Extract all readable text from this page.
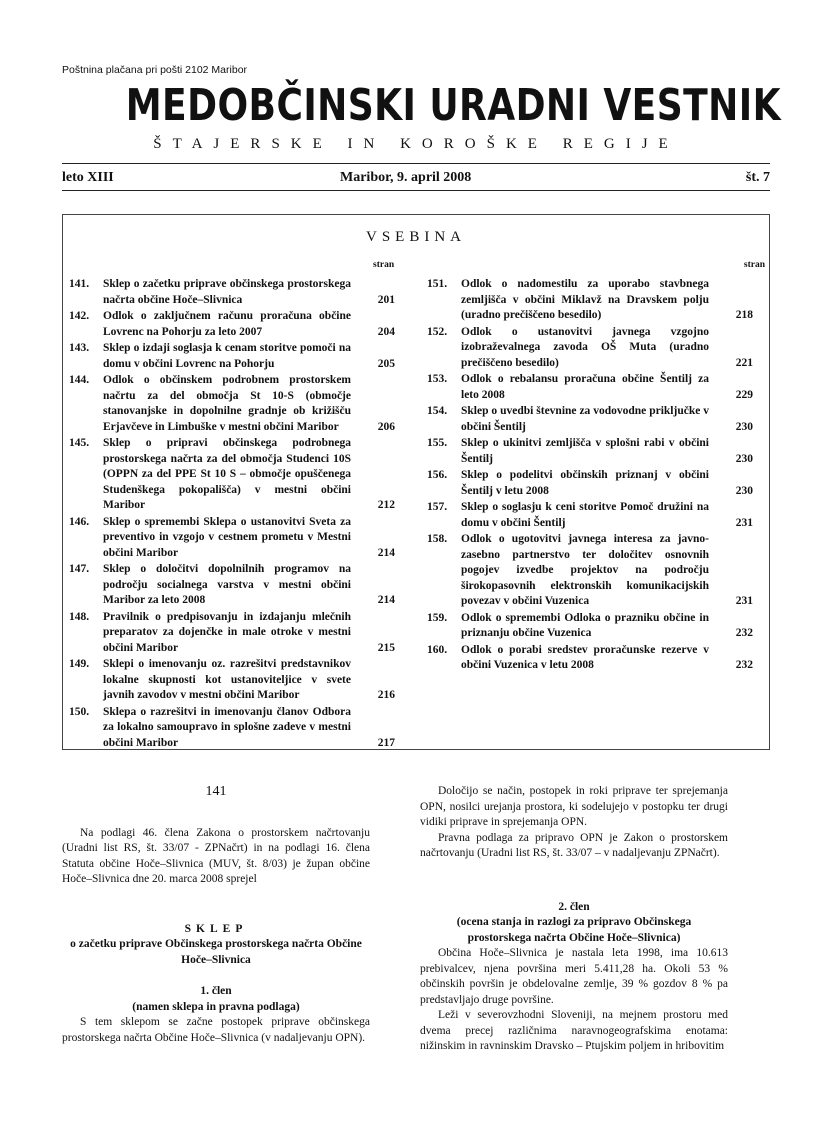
Poštnina plačana pri pošti 2102 Maribor
MEDOBČINSKI URADNI VESTNIK
ŠTAJERSKE IN KOROŠKE REGIJE
leto XIII	Maribor, 9. april 2008	št. 7
VSEBINA
stran	stran
141. Sklep o začetku priprave občinskega prostorskega načrta občine Hoče–Slivnica	201
142. Odlok o zaključnem računu proračuna občine Lovrenc na Pohorju za leto 2007	204
143. Sklep o izdaji soglasja k cenam storitve pomoči na domu v občini Lovrenc na Pohorju	205
144. Odlok o občinskem podrobnem prostorskem načrtu za del območja St 10-S (območje stanovanjske in dopolnilne gradnje ob križišču Erjavčeve in Limbuške v mestni občini Maribor	206
145. Sklep o pripravi občinskega podrobnega prostorskega načrta za del območja Studenci 10S (OPPN za del PPE St 10 S – območje opuščenega Studenškega pokopališča) v mestni občini Maribor	212
146. Sklep o spremembi Sklepa o ustanovitvi Sveta za preventivo in vzgojo v cestnem prometu v Mestni občini Maribor	214
147. Sklep o določitvi dopolnilnih programov na področju socialnega varstva v mestni občini Maribor za leto 2008	214
148. Pravilnik o predpisovanju in izdajanju mlečnih preparatov za dojenčke in male otroke v mestni občini Maribor	215
149. Sklepi o imenovanju oz. razrešitvi predstavnikov lokalne skupnosti kot ustanoviteljice v svete javnih zavodov v mestni občini Maribor	216
150. Sklepa o razrešitvi in imenovanju članov Odbora za lokalno samoupravo in splošne zadeve v mestni občini Maribor	217
151. Odlok o nadomestilu za uporabo stavbnega zemljišča v občini Miklavž na Dravskem polju (uradno prečiščeno besedilo)	218
152. Odlok o ustanovitvi javnega vzgojno izobraževalnega zavoda OŠ Muta (uradno prečiščeno besedilo)	221
153. Odlok o rebalansu proračuna občine Šentilj za leto 2008	229
154. Sklep o uvedbi števnine za vodovodne priključke v občini Šentilj	230
155. Sklep o ukinitvi zemljišča v splošni rabi v občini Šentilj	230
156. Sklep o podelitvi občinskih priznanj v občini Šentilj v letu 2008	230
157. Sklep o soglasju k ceni storitve Pomoč družini na domu v občini Šentilj	231
158. Odlok o ugotovitvi javnega interesa za javno-zasebno partnerstvo ter določitev osnovnih pogojev izvedbe projektov na področju širokopasovnih elektronskih komunikacijskih povezav v občini Vuzenica	231
159. Odlok o spremembi Odloka o prazniku občine in priznanju občine Vuzenica	232
160. Odlok o porabi sredstev proračunske rezerve v občini Vuzenica v letu 2008	232
141

Na podlagi 46. člena Zakona o prostorskem načrtovanju (Uradni list RS, št. 33/07 - ZPNačrt) in na podlagi 16. člena Statuta občine Hoče–Slivnica (MUV, št. 8/03) je župan občine Hoče–Slivnica dne 20. marca 2008 sprejel

SKLEP
o začetku priprave Občinskega prostorskega načrta Občine Hoče–Slivnica
1. člen
(namen sklepa in pravna podlaga)

S tem sklepom se začne postopek priprave občinskega prostorskega načrta Občine Hoče–Slivnica (v nadaljevanju OPN).

Določijo se način, postopek in roki priprave ter sprejemanja OPN, nosilci urejanja prostora, ki sodelujejo v postopku ter drugi vidiki priprave in sprejemanja OPN.

Pravna podlaga za pripravo OPN je Zakon o prostorskem načrtovanju (Uradni list RS, št. 33/07 – v nadaljevanju ZPNačrt).

2. člen
(ocena stanja in razlogi za pripravo Občinskega prostorskega načrta Občine Hoče–Slivnica)

Občina Hoče–Slivnica je nastala leta 1998, ima 10.613 prebivalcev, njena površina meri 5.411,28 ha. Okoli 53 % občinskih površin je obdelovalne zemlje, 39 % gozdov 8 % pa predstavljajo druge površine.

Leži v severovzhodni Sloveniji, na mejnem prostoru med dvema precej različnima naravnogeografskima enotama: nižinskim in ravninskim Dravsko – Ptujskim poljem in hribovitim
